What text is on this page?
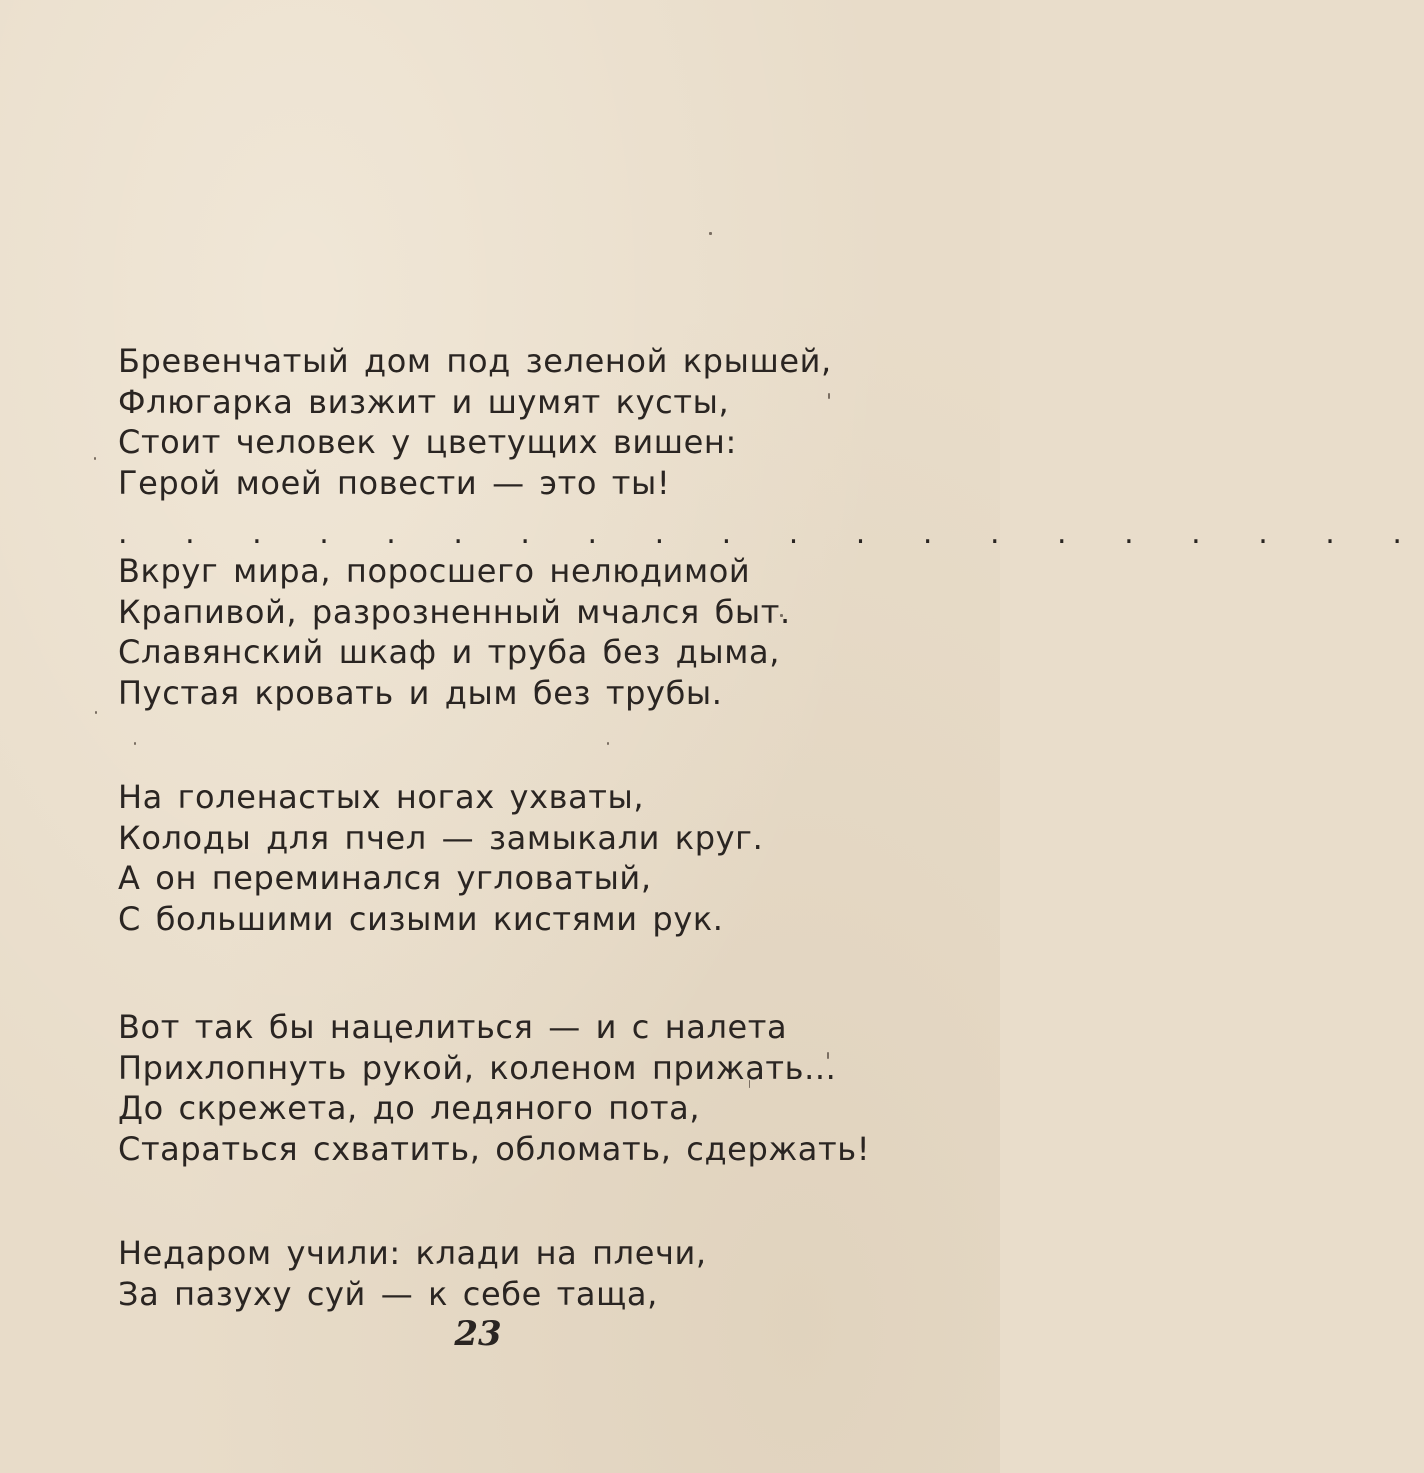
Бревенчатый дом под зеленой крышей,
Флюгарка визжит и шумят кусты,
Стоит человек у цветущих вишен:
Герой моей повести — это ты!
. . . . . . . . . . . . . . . . . . . .
Вкруг мира, поросшего нелюдимой
Крапивой, разрозненный мчался быт.
Славянский шкаф и труба без дыма,
Пустая кровать и дым без трубы.
На голенастых ногах ухваты,
Колоды для пчел — замыкали круг.
А он переминался угловатый,
С большими сизыми кистями рук.
Вот так бы нацелиться — и с налета
Прихлопнуть рукой, коленом прижать...
До скрежета, до ледяного пота,
Стараться схватить, обломать, сдержать!
Недаром учили: клади на плечи,
За пазуху суй — к себе таща,
23
